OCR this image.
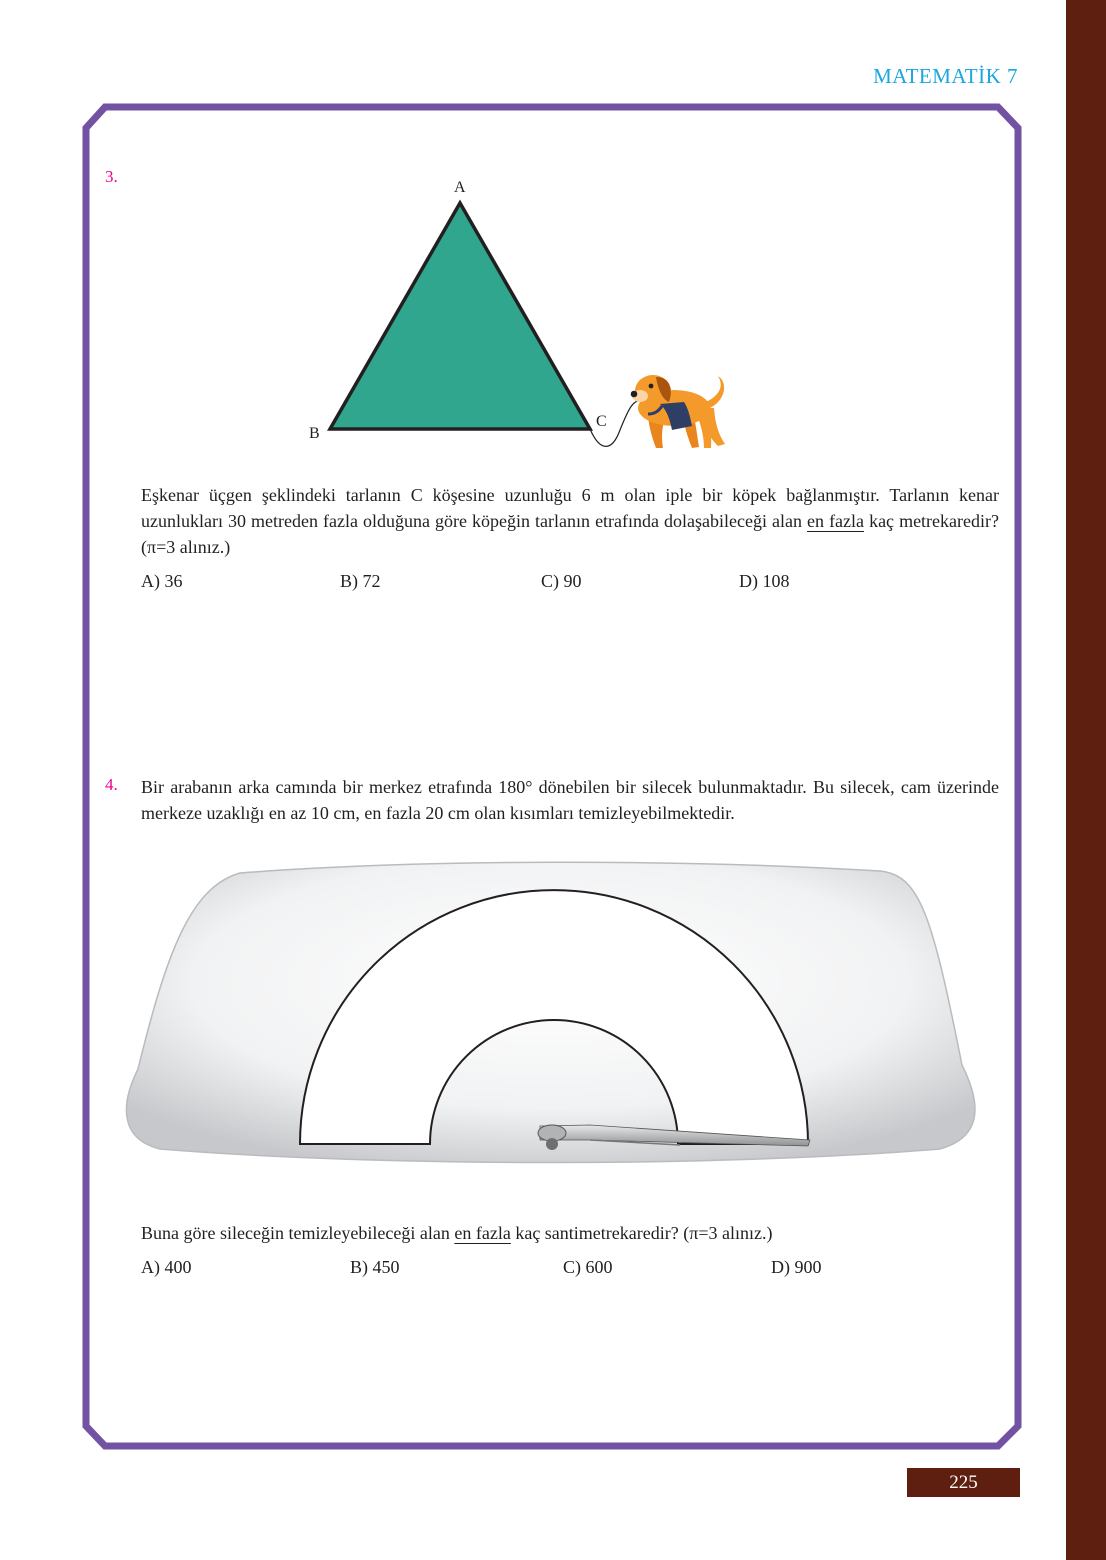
MATEMATİK 7
3.
A
B
C
Eşkenar üçgen şeklindeki tarlanın C köşesine uzunluğu 6 m olan iple bir köpek bağlanmıştır. Tarlanın kenar uzunlukları 30 metreden fazla olduğuna göre köpeğin tarlanın etrafında dolaşabileceği alan en fazla kaç metrekaredir? (π=3 alınız.)
A) 36	B) 72	C) 90	D) 108
4. Bir arabanın arka camında bir merkez etrafında 180° dönebilen bir silecek bulunmaktadır. Bu silecek, cam üzerinde merkeze uzaklığı en az 10 cm, en fazla 20 cm olan kısımları temizleyebilmektedir.
Buna göre sileceğin temizleyebileceği alan en fazla kaç santimetrekaredir? (π=3 alınız.)
A) 400	B) 450	C) 600	D) 900
225
